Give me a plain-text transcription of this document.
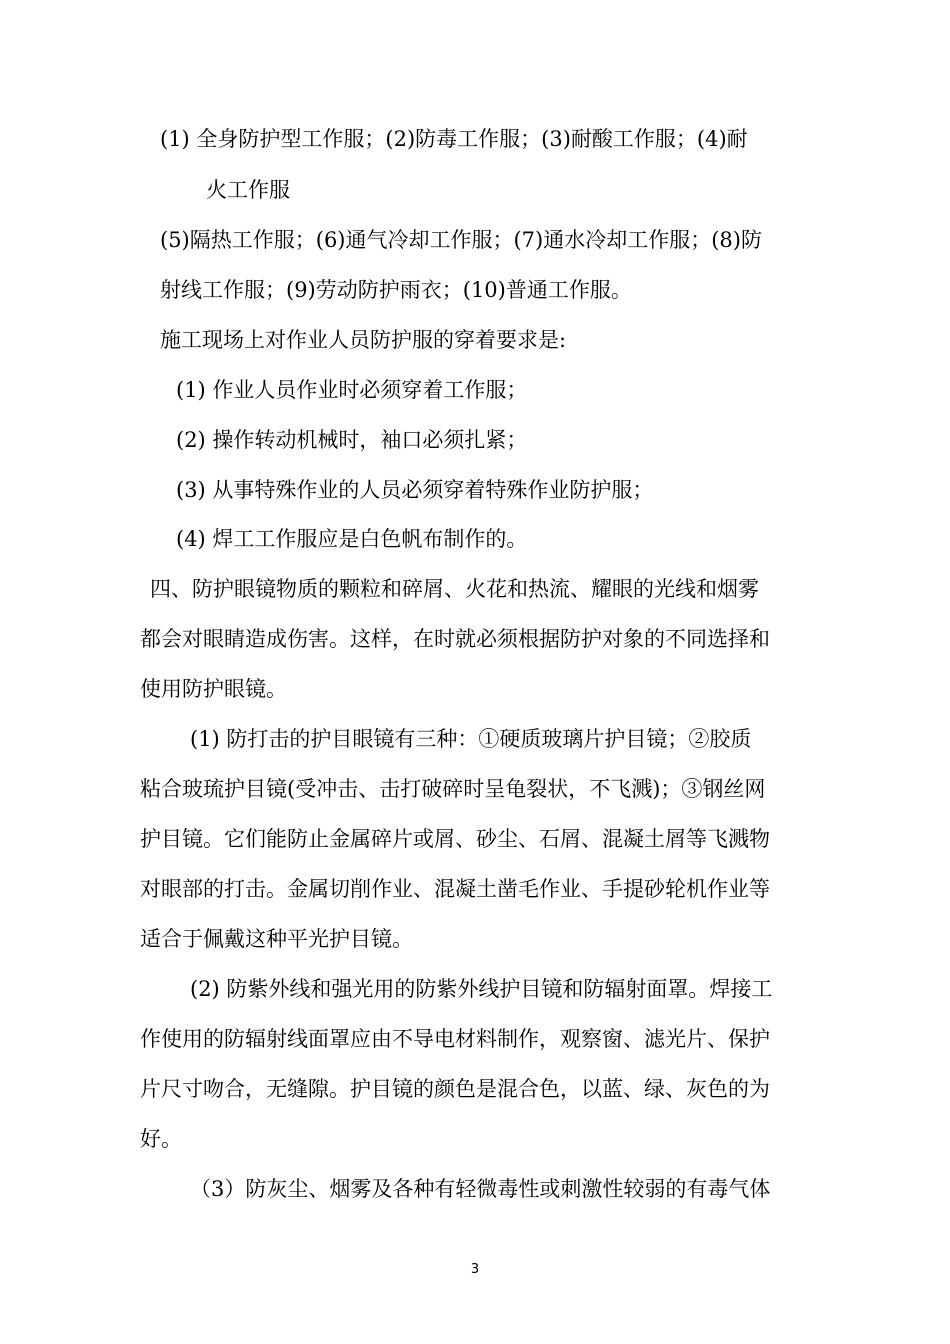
(1) 全身防护型工作服；(2)防毒工作服；(3)耐酸工作服；(4)耐
火工作服
(5)隔热工作服；(6)通气冷却工作服；(7)通水冷却工作服；(8)防
射线工作服；(9)劳动防护雨衣；(10)普通工作服。
施工现场上对作业人员防护服的穿着要求是:
(1) 作业人员作业时必须穿着工作服；
(2) 操作转动机械时，袖口必须扎紧；
(3) 从事特殊作业的人员必须穿着特殊作业防护服；
(4) 焊工工作服应是白色帆布制作的。
四、防护眼镜物质的颗粒和碎屑、火花和热流、耀眼的光线和烟雾
都会对眼睛造成伤害。这样，在时就必须根据防护对象的不同选择和
使用防护眼镜。
(1) 防打击的护目眼镜有三种：①硬质玻璃片护目镜；②胶质
粘合玻琉护目镜(受冲击、击打破碎时呈龟裂状，不飞溅)；③钢丝网
护目镜。它们能防止金属碎片或屑、砂尘、石屑、混凝土屑等飞溅物
对眼部的打击。金属切削作业、混凝土凿毛作业、手提砂轮机作业等
适合于佩戴这种平光护目镜。
(2) 防紫外线和强光用的防紫外线护目镜和防辐射面罩。焊接工
作使用的防辐射线面罩应由不导电材料制作，观察窗、滤光片、保护
片尺寸吻合，无缝隙。护目镜的颜色是混合色，以蓝、绿、灰色的为
好。
（3）防灰尘、烟雾及各种有轻微毒性或刺激性较弱的有毒气体
3
